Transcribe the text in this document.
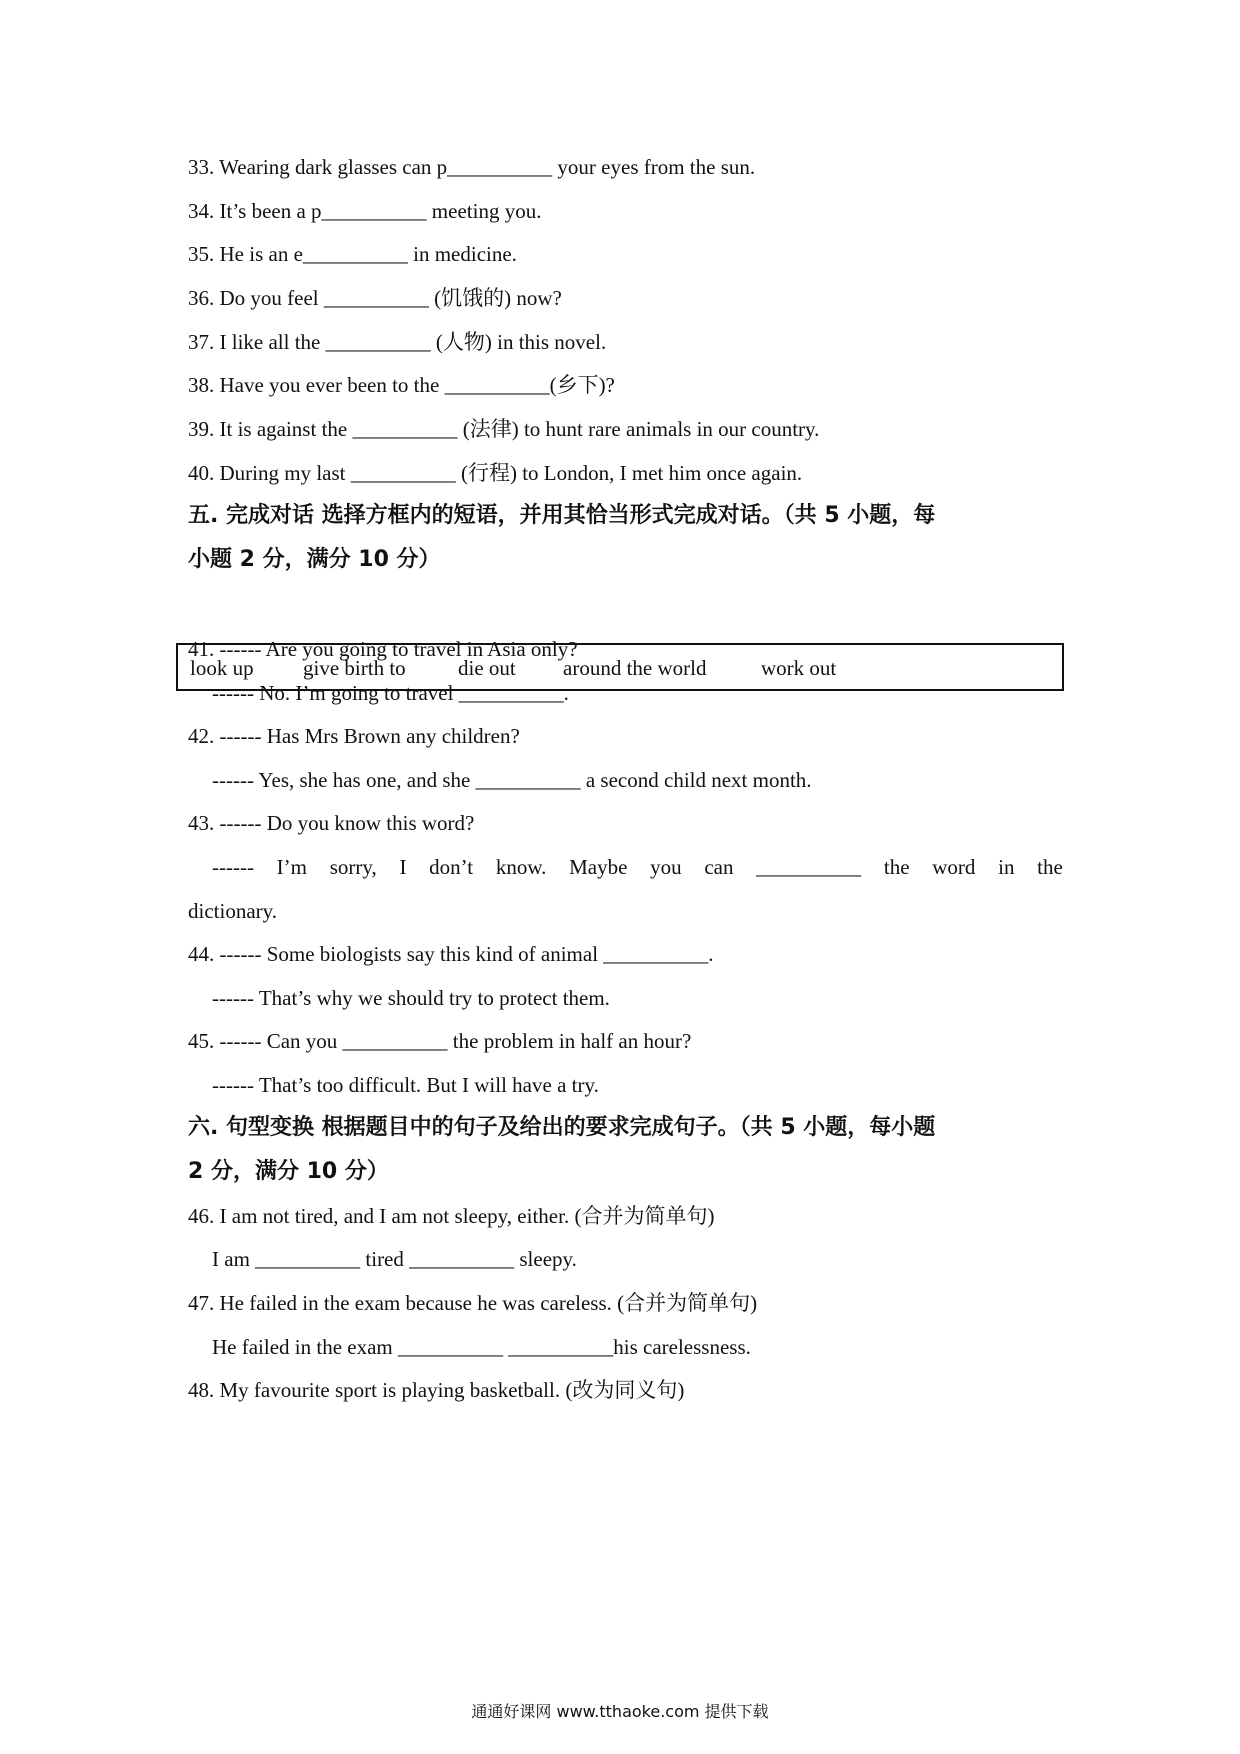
33. Wearing dark glasses can p__________ your eyes from the sun.
34. It’s been a p__________ meeting you.
35. He is an e__________ in medicine.
36. Do you feel __________ (饥饿的) now?
37. I like all the __________ (人物) in this novel.
38. Have you ever been to the __________(乡下)?
39. It is against the __________ (法律) to hunt rare animals in our country.
40. During my last __________ (行程) to London, I met him once again.
五. 完成对话 选择方框内的短语，并用其恰当形式完成对话。（共 5 小题，每
小题 2 分，满分 10 分）
look up give birth to die out around the world	work out
41. ------ Are you going to travel in Asia only?
------ No. I’m going to travel __________.
42. ------ Has Mrs Brown any children?
------ Yes, she has one, and she __________ a second child next month.
43. ------ Do you know this word?
------ I’m sorry, I don’t know. Maybe you can __________ the word in the
dictionary.
44. ------ Some biologists say this kind of animal __________.
------ That’s why we should try to protect them.
45. ------ Can you __________ the problem in half an hour?
------ That’s too difficult. But I will have a try.
六. 句型变换 根据题目中的句子及给出的要求完成句子。（共 5 小题，每小题
2 分，满分 10 分）
46. I am not tired, and I am not sleepy, either. (合并为简单句)
I am __________ tired __________ sleepy.
47. He failed in the exam because he was careless. (合并为简单句)
He failed in the exam __________ __________his carelessness.
48. My favourite sport is playing basketball. (改为同义句)
通通好课网 www.tthaoke.com 提供下载
